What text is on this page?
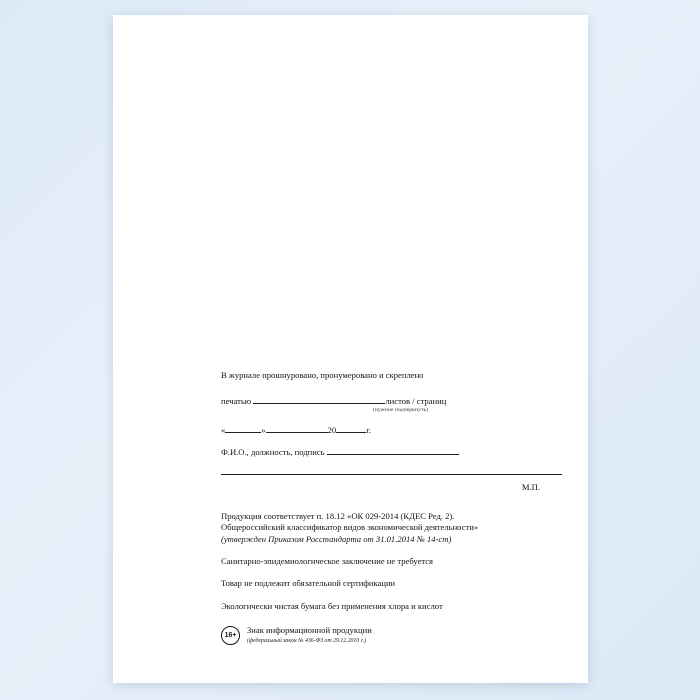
В журнале прошнуровано, пронумеровано и скреплено
печатью	листов / страниц
(нужное подчеркнуть)
«	»	20	г.
Ф.И.О., должность, подпись
М.П.
Продукция соответствует п. 18.12 «ОК 029-2014 (КДЕС Ред. 2).
Общероссийский классификатор видов экономической деятельности»
(утвержден Приказом Росстандарта от 31.01.2014 № 14-ст)
Санитарно-эпидемиологическое заключение не требуется
Товар не подлежит обязательной сертификации
Экологически чистая бумага без применения хлора и кислот
16+	Знак информационной продукции
(федеральный закон № 436-ФЗ от 29.12.2010 г.)
